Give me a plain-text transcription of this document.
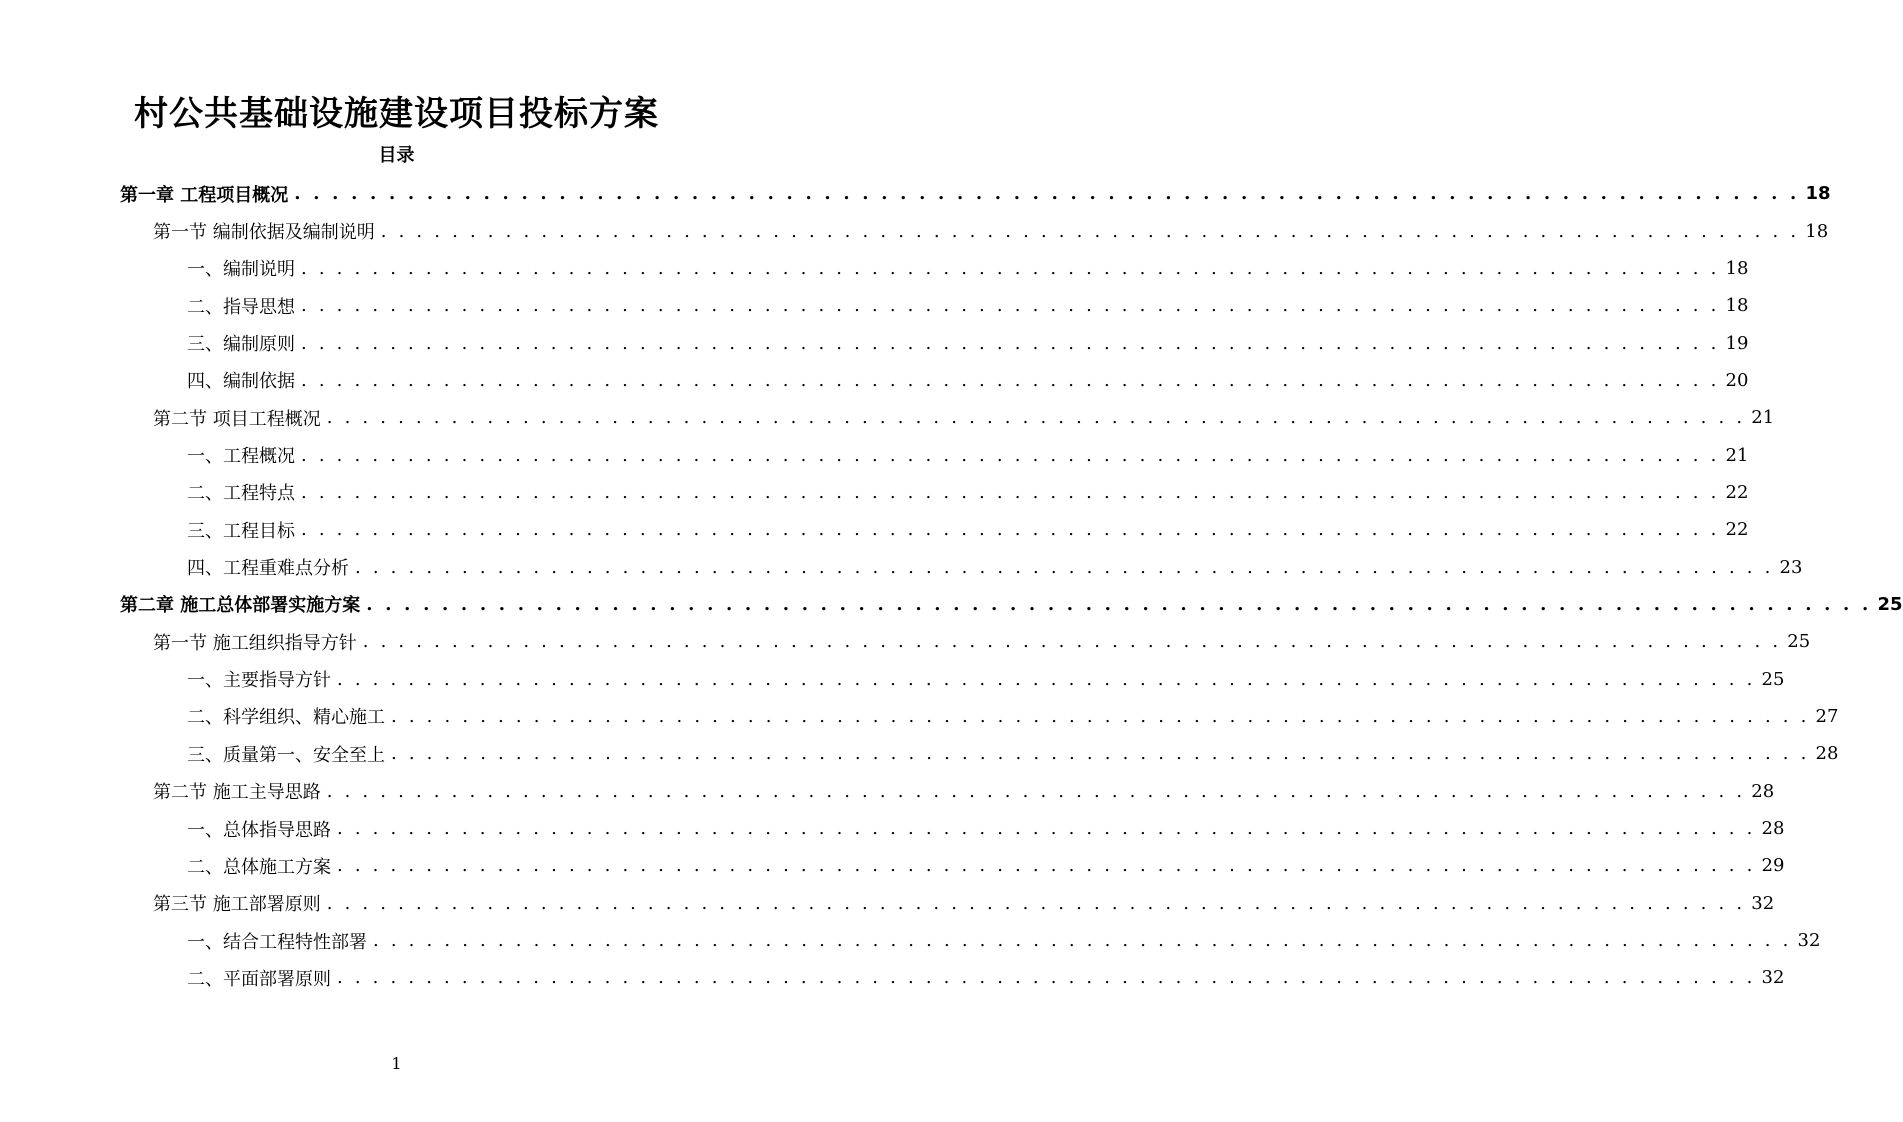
村公共基础设施建设项目投标方案
目录
第一章 工程项目概况 . . . . . . . . . . . . . . . . . . . . . . . . . . . . . . . . . . . . . . . . . . . . . . . . . . . . . . . . . . . . . . . . . . . . . . . . . . . . . . . . 18
第一节 编制依据及编制说明 . . . . . . . . . . . . . . . . . . . . . . . . . . . . . . . . . . . . . . . . . . . . . . . . . . . . . . . . . . . . . . . . . . . . . . . . . . . . . . . . 18
一、编制说明 . . . . . . . . . . . . . . . . . . . . . . . . . . . . . . . . . . . . . . . . . . . . . . . . . . . . . . . . . . . . . . . . . . . . . . . . . . . . . . . . 18
二、指导思想 . . . . . . . . . . . . . . . . . . . . . . . . . . . . . . . . . . . . . . . . . . . . . . . . . . . . . . . . . . . . . . . . . . . . . . . . . . . . . . . . 18
三、编制原则 . . . . . . . . . . . . . . . . . . . . . . . . . . . . . . . . . . . . . . . . . . . . . . . . . . . . . . . . . . . . . . . . . . . . . . . . . . . . . . . . 19
四、编制依据 . . . . . . . . . . . . . . . . . . . . . . . . . . . . . . . . . . . . . . . . . . . . . . . . . . . . . . . . . . . . . . . . . . . . . . . . . . . . . . . . 20
第二节 项目工程概况 . . . . . . . . . . . . . . . . . . . . . . . . . . . . . . . . . . . . . . . . . . . . . . . . . . . . . . . . . . . . . . . . . . . . . . . . . . . . . . . . 21
一、工程概况 . . . . . . . . . . . . . . . . . . . . . . . . . . . . . . . . . . . . . . . . . . . . . . . . . . . . . . . . . . . . . . . . . . . . . . . . . . . . . . . . 21
二、工程特点 . . . . . . . . . . . . . . . . . . . . . . . . . . . . . . . . . . . . . . . . . . . . . . . . . . . . . . . . . . . . . . . . . . . . . . . . . . . . . . . . 22
三、工程目标 . . . . . . . . . . . . . . . . . . . . . . . . . . . . . . . . . . . . . . . . . . . . . . . . . . . . . . . . . . . . . . . . . . . . . . . . . . . . . . . . 22
四、工程重难点分析 . . . . . . . . . . . . . . . . . . . . . . . . . . . . . . . . . . . . . . . . . . . . . . . . . . . . . . . . . . . . . . . . . . . . . . . . . . . . . . . . 23
第二章 施工总体部署实施方案 . . . . . . . . . . . . . . . . . . . . . . . . . . . . . . . . . . . . . . . . . . . . . . . . . . . . . . . . . . . . . . . . . . . . . . . . . . . . . . . . 25
第一节 施工组织指导方针 . . . . . . . . . . . . . . . . . . . . . . . . . . . . . . . . . . . . . . . . . . . . . . . . . . . . . . . . . . . . . . . . . . . . . . . . . . . . . . . . 25
一、主要指导方针 . . . . . . . . . . . . . . . . . . . . . . . . . . . . . . . . . . . . . . . . . . . . . . . . . . . . . . . . . . . . . . . . . . . . . . . . . . . . . . . . 25
二、科学组织、精心施工 . . . . . . . . . . . . . . . . . . . . . . . . . . . . . . . . . . . . . . . . . . . . . . . . . . . . . . . . . . . . . . . . . . . . . . . . . . . . . . . . 27
三、质量第一、安全至上 . . . . . . . . . . . . . . . . . . . . . . . . . . . . . . . . . . . . . . . . . . . . . . . . . . . . . . . . . . . . . . . . . . . . . . . . . . . . . . . . 28
第二节 施工主导思路 . . . . . . . . . . . . . . . . . . . . . . . . . . . . . . . . . . . . . . . . . . . . . . . . . . . . . . . . . . . . . . . . . . . . . . . . . . . . . . . . 28
一、总体指导思路 . . . . . . . . . . . . . . . . . . . . . . . . . . . . . . . . . . . . . . . . . . . . . . . . . . . . . . . . . . . . . . . . . . . . . . . . . . . . . . . . 28
二、总体施工方案 . . . . . . . . . . . . . . . . . . . . . . . . . . . . . . . . . . . . . . . . . . . . . . . . . . . . . . . . . . . . . . . . . . . . . . . . . . . . . . . . 29
第三节 施工部署原则 . . . . . . . . . . . . . . . . . . . . . . . . . . . . . . . . . . . . . . . . . . . . . . . . . . . . . . . . . . . . . . . . . . . . . . . . . . . . . . . . 32
一、结合工程特性部署 . . . . . . . . . . . . . . . . . . . . . . . . . . . . . . . . . . . . . . . . . . . . . . . . . . . . . . . . . . . . . . . . . . . . . . . . . . . . . . . . 32
二、平面部署原则 . . . . . . . . . . . . . . . . . . . . . . . . . . . . . . . . . . . . . . . . . . . . . . . . . . . . . . . . . . . . . . . . . . . . . . . . . . . . . . . . 32
1
